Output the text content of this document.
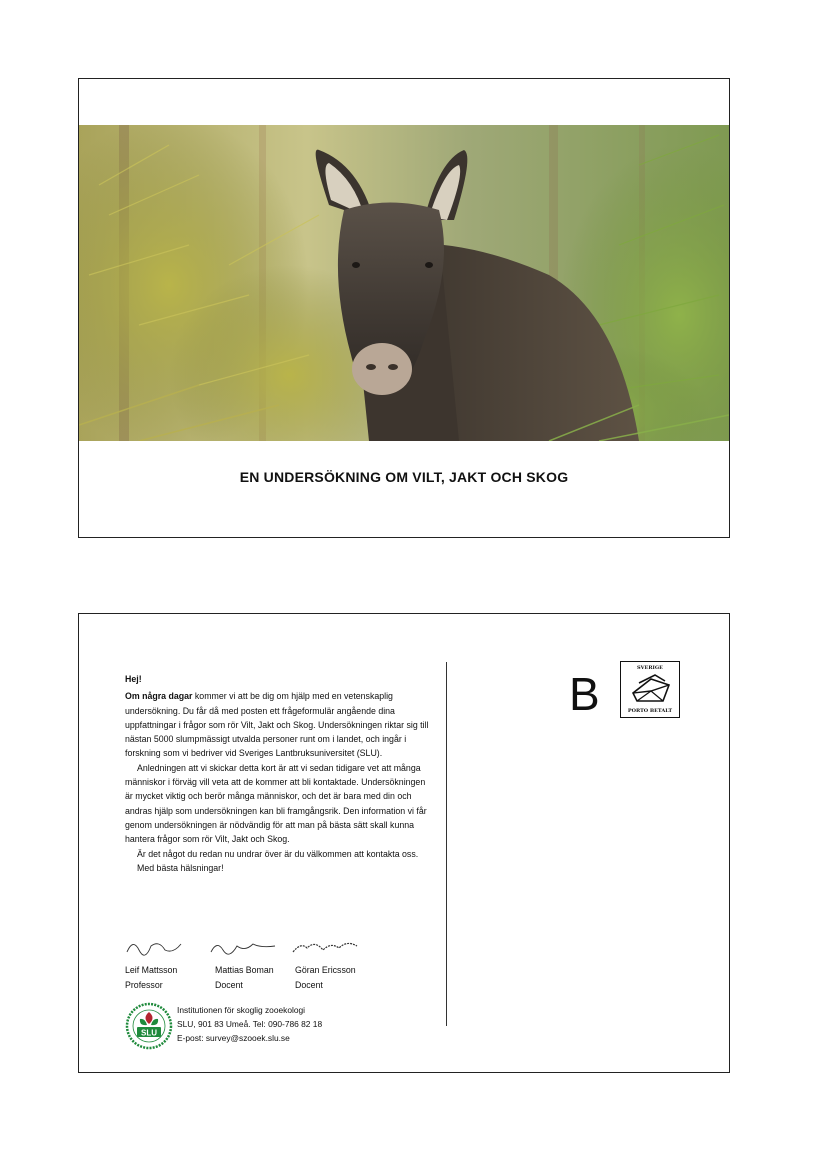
EN UNDERSÖKNING OM VILT, JAKT OCH SKOG

Hej!

Om några dagar kommer vi att be dig om hjälp med en vetenskaplig undersökning. Du får då med posten ett frågeformulär angående dina uppfattningar i frågor som rör Vilt, Jakt och Skog. Undersökningen riktar sig till nästan 5000 slumpmässigt utvalda personer runt om i landet, och ingår i forskning som vi bedriver vid Sveriges Lantbruksuniversitet (SLU).

Anledningen att vi skickar detta kort är att vi sedan tidigare vet att många människor i förväg vill veta att de kommer att bli kontaktade. Undersökningen är mycket viktig och berör många människor, och det är bara med din och andras hjälp som undersökningen kan bli framgångsrik. Den information vi får genom undersökningen är nödvändig för att man på bästa sätt skall kunna hantera frågor som rör Vilt, Jakt och Skog.

Är det något du redan nu undrar över är du välkommen att kontakta oss.

Med bästa hälsningar!

Leif Mattsson
Professor
Mattias Boman
Docent
Göran Ericsson
Docent
SLU
Institutionen för skoglig zooekologi
SLU, 901 83 Umeå. Tel: 090-786 82 18
E-post: survey@szooek.slu.se
B	SVERIGE
PORTO BETALT
